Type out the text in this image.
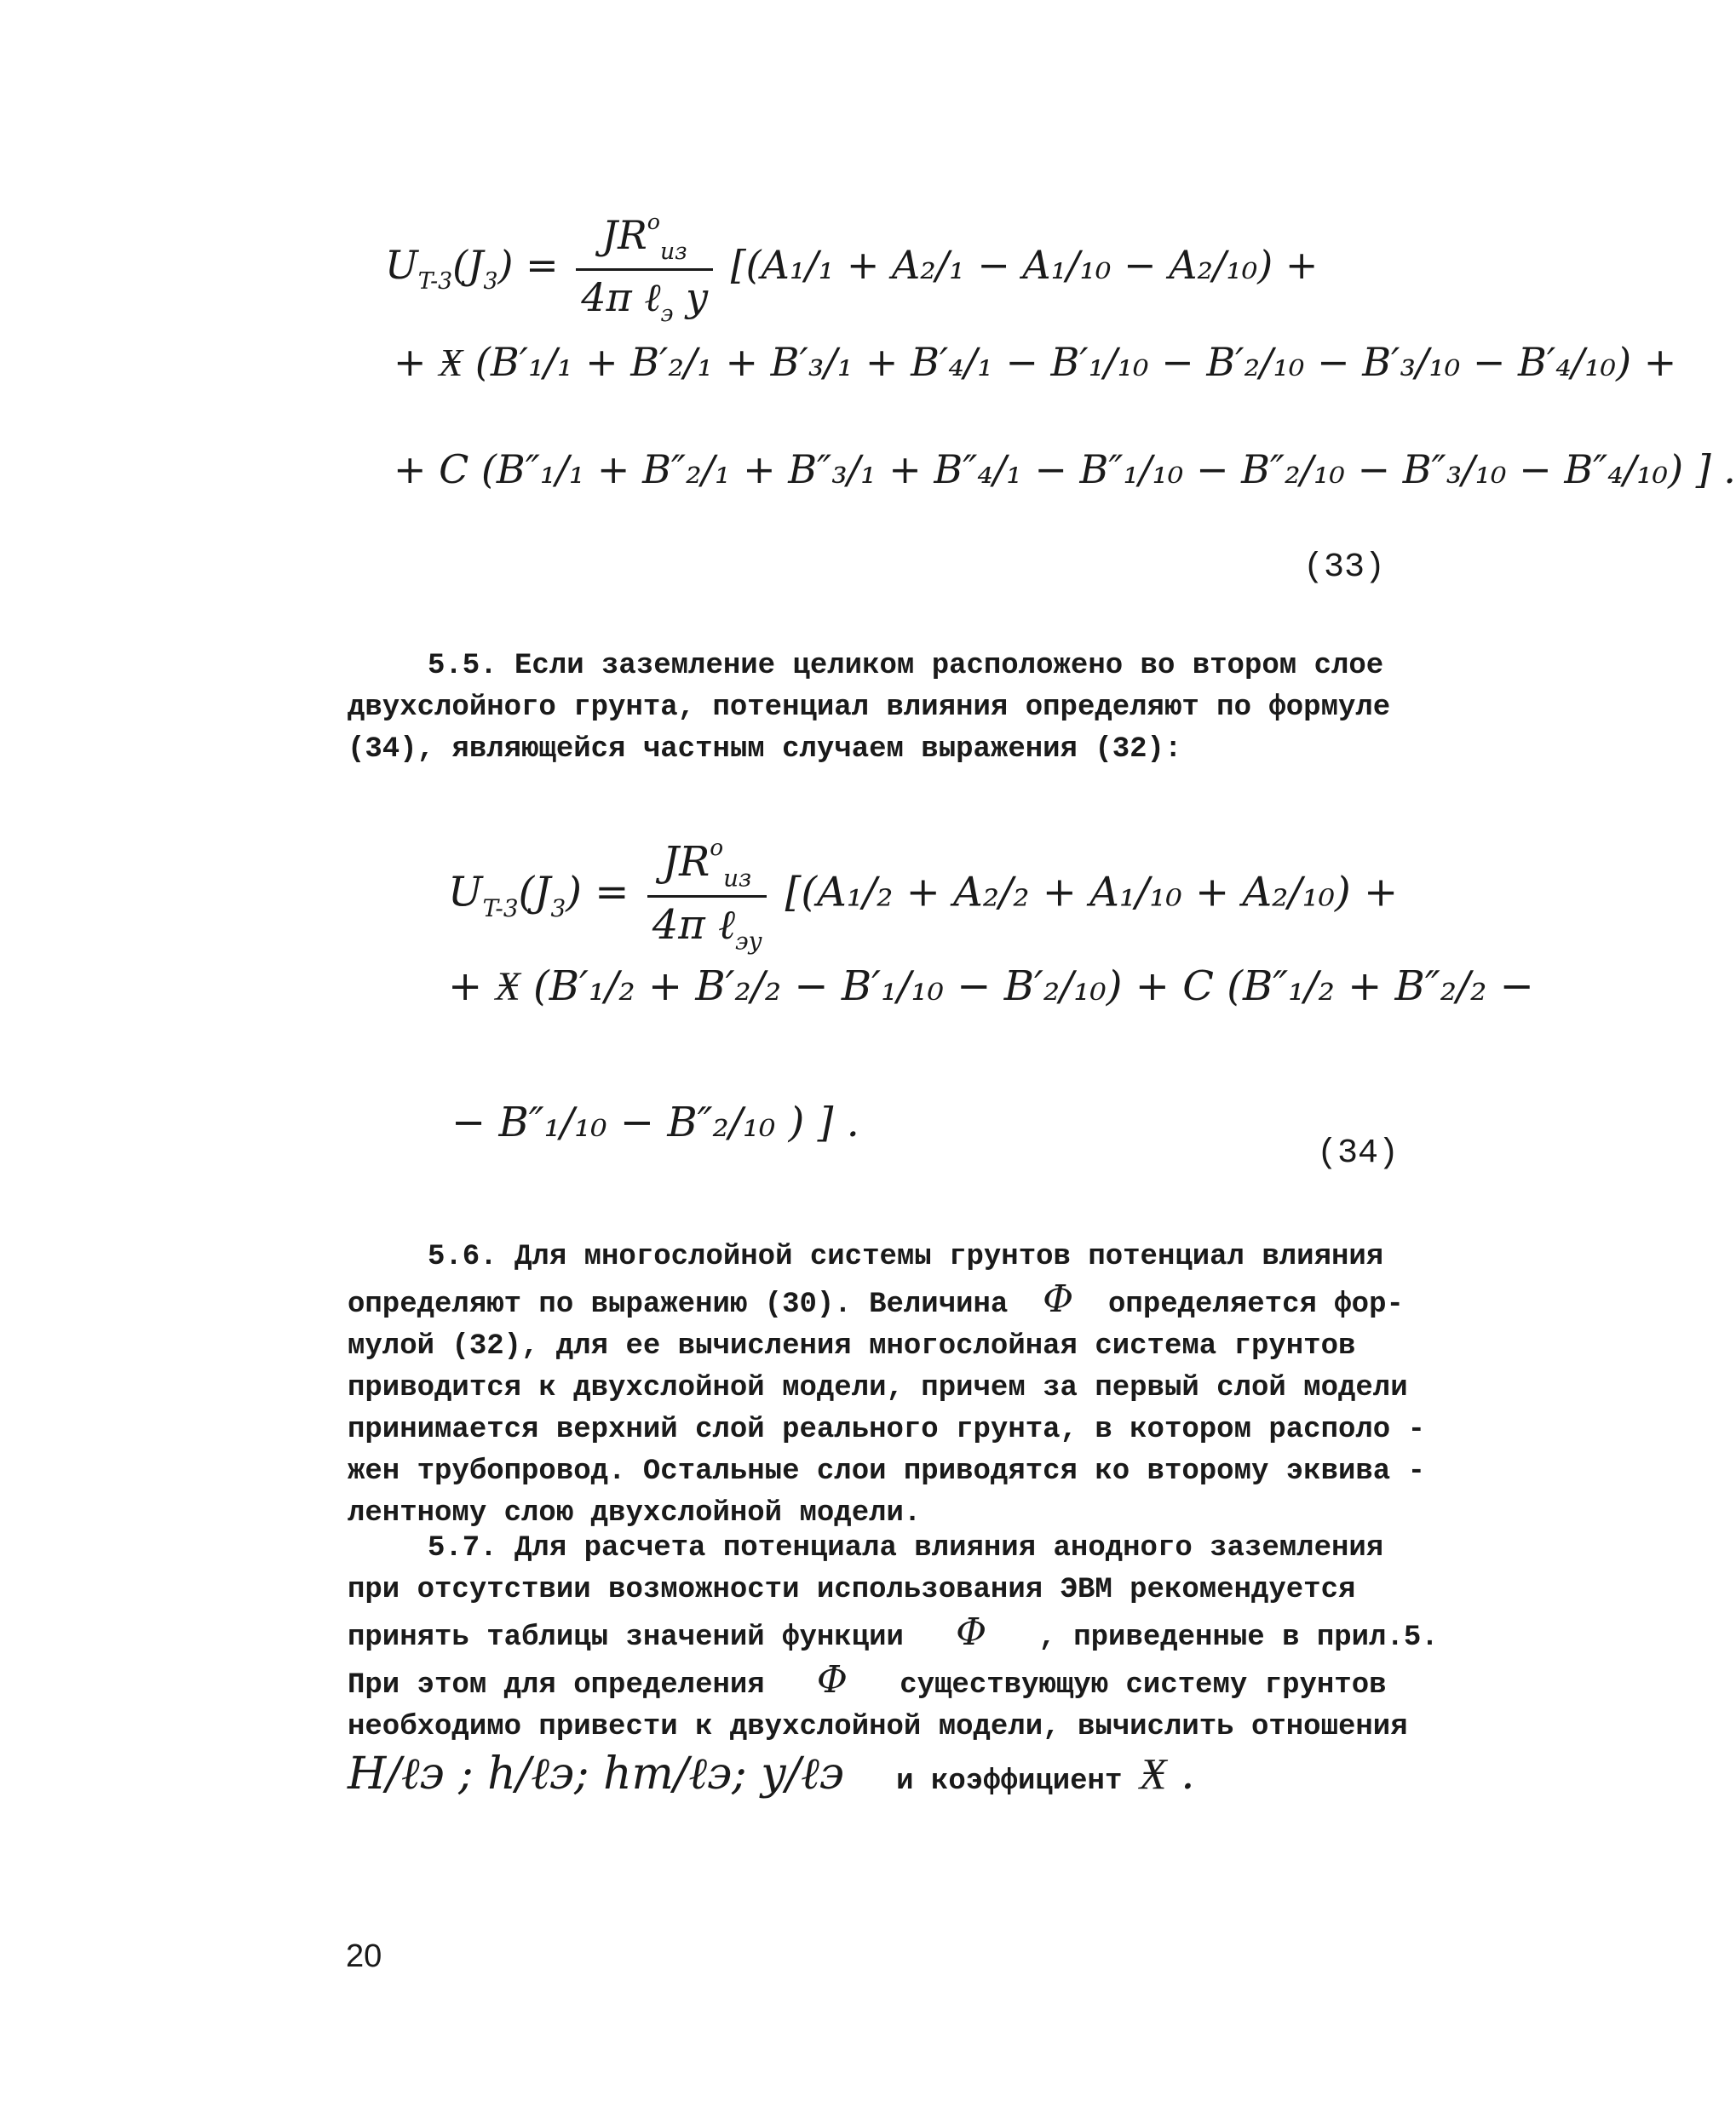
$U_{T-3}(J_3) = \frac{JR^o_{из}}{4\pi \ell_э y} [(A_1/_1 + A_2/_1 - A_1/_{10} - A_2/_{10})$ +
+ Ӿ (B′₁/₁ + B′₂/₁ + B′₃/₁ + B′₄/₁ − B′₁/₁₀ − B′₂/₁₀ − B′₃/₁₀ − B′₄/₁₀) +
+ C (B″₁/₁ + B″₂/₁ + B″₃/₁ + B″₄/₁ − B″₁/₁₀ − B″₂/₁₀ − B″₃/₁₀ − B″₄/₁₀) ] .
(33)
5.5. Если заземление целиком расположено во втором слое
двухслойного грунта, потенциал влияния определяют по формуле
(34), являющейся частным случаем выражения (32):
$U_{T-3}(J_3) = \frac{JR^o_{из}}{4\pi \ell_{эy}} [(A_1/_2 + A_2/_2 + A_1/_{10} + A_2/_{10})$ +
+ Ӿ (B′₁/₂ + B′₂/₂ − B′₁/₁₀ − B′₂/₁₀) + C (B″₁/₂ + B″₂/₂ −
− B″₁/₁₀ − B″₂/₁₀ ) ] .
(34)
5.6. Для многослойной системы грунтов потенциал влияния
определяют по выражению (30). Величина Φ определяется фор-
мулой (32), для ее вычисления многослойная система грунтов
приводится к двухслойной модели, причем за первый слой модели
принимается верхний слой реального грунта, в котором располо -
жен трубопровод. Остальные слои приводятся ко второму эквива -
лентному слою двухслойной модели.
5.7. Для расчета потенциала влияния анодного заземления
при отсутствии возможности использования ЭВМ рекомендуется
принять таблицы значений функции Φ , приведенные в прил.5.
При этом для определения Φ существующую систему грунтов
необходимо привести к двухслойной модели, вычислить отношения
H/ℓэ ; h/ℓэ; hт/ℓэ; y/ℓэ и коэффициент Ӿ .
20
